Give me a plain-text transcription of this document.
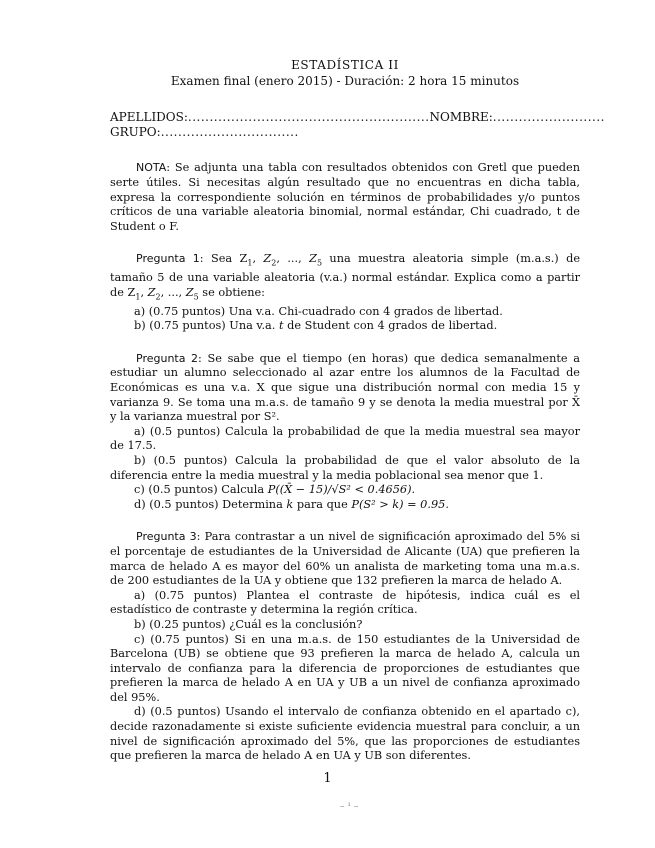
ESTADÍSTICA II
Examen final (enero 2015) - Duración: 2 hora 15 minutos
APELLIDOS:........................................................NOMBRE:..........................
GRUPO:................................

NOTA: Se adjunta una tabla con resultados obtenidos con Gretl que pueden serte útiles. Si necesitas algún resultado que no encuentras en dicha tabla, expresa la correspondiente solución en términos de probabilidades y/o puntos críticos de una variable aleatoria binomial, normal estándar, Chi cuadrado, t de Student o F.

Pregunta 1: Sea $Z_1$, $Z_2$, ..., $Z_5$ una muestra aleatoria simple (m.a.s.) de tamaño 5 de una variable aleatoria (v.a.) normal estándar. Explica como a partir de $Z_1$, $Z_2$, ..., $Z_5$ se obtiene:

a) (0.75 puntos) Una v.a. Chi-cuadrado con 4 grados de libertad.

b) (0.75 puntos) Una v.a. t de Student con 4 grados de libertad.

Pregunta 2: Se sabe que el tiempo (en horas) que dedica semanalmente a estudiar un alumno seleccionado al azar entre los alumnos de la Facultad de Económicas es una v.a. X que sigue una distribución normal con media 15 y varianza 9. Se toma una m.a.s. de tamaño 9 y se denota la media muestral por X̄ y la varianza muestral por S².

a) (0.5 puntos) Calcula la probabilidad de que la media muestral sea mayor de 17.5.

b) (0.5 puntos) Calcula la probabilidad de que el valor absoluto de la diferencia entre la media muestral y la media poblacional sea menor que 1.

c) (0.5 puntos) Calcula P((X̄ − 15)/√S² < 0.4656).

d) (0.5 puntos) Determina k para que P(S² > k) = 0.95.

Pregunta 3: Para contrastar a un nivel de significación aproximado del 5% si el porcentaje de estudiantes de la Universidad de Alicante (UA) que prefieren la marca de helado A es mayor del 60% un analista de marketing toma una m.a.s. de 200 estudiantes de la UA y obtiene que 132 prefieren la marca de helado A.

a) (0.75 puntos) Plantea el contraste de hipótesis, indica cuál es el estadístico de contraste y determina la región crítica.

b) (0.25 puntos) ¿Cuál es la conclusión?

c) (0.75 puntos) Si en una m.a.s. de 150 estudiantes de la Universidad de Barcelona (UB) se obtiene que 93 prefieren la marca de helado A, calcula un intervalo de confianza para la diferencia de proporciones de estudiantes que prefieren la marca de helado A en UA y UB a un nivel de confianza aproximado del 95%.

d) (0.5 puntos) Usando el intervalo de confianza obtenido en el apartado c), decide razonadamente si existe suficiente evidencia muestral para concluir, a un nivel de significación aproximado del 5%, que las proporciones de estudiantes que prefieren la marca de helado A en UA y UB son diferentes.

1
– ¹ –
